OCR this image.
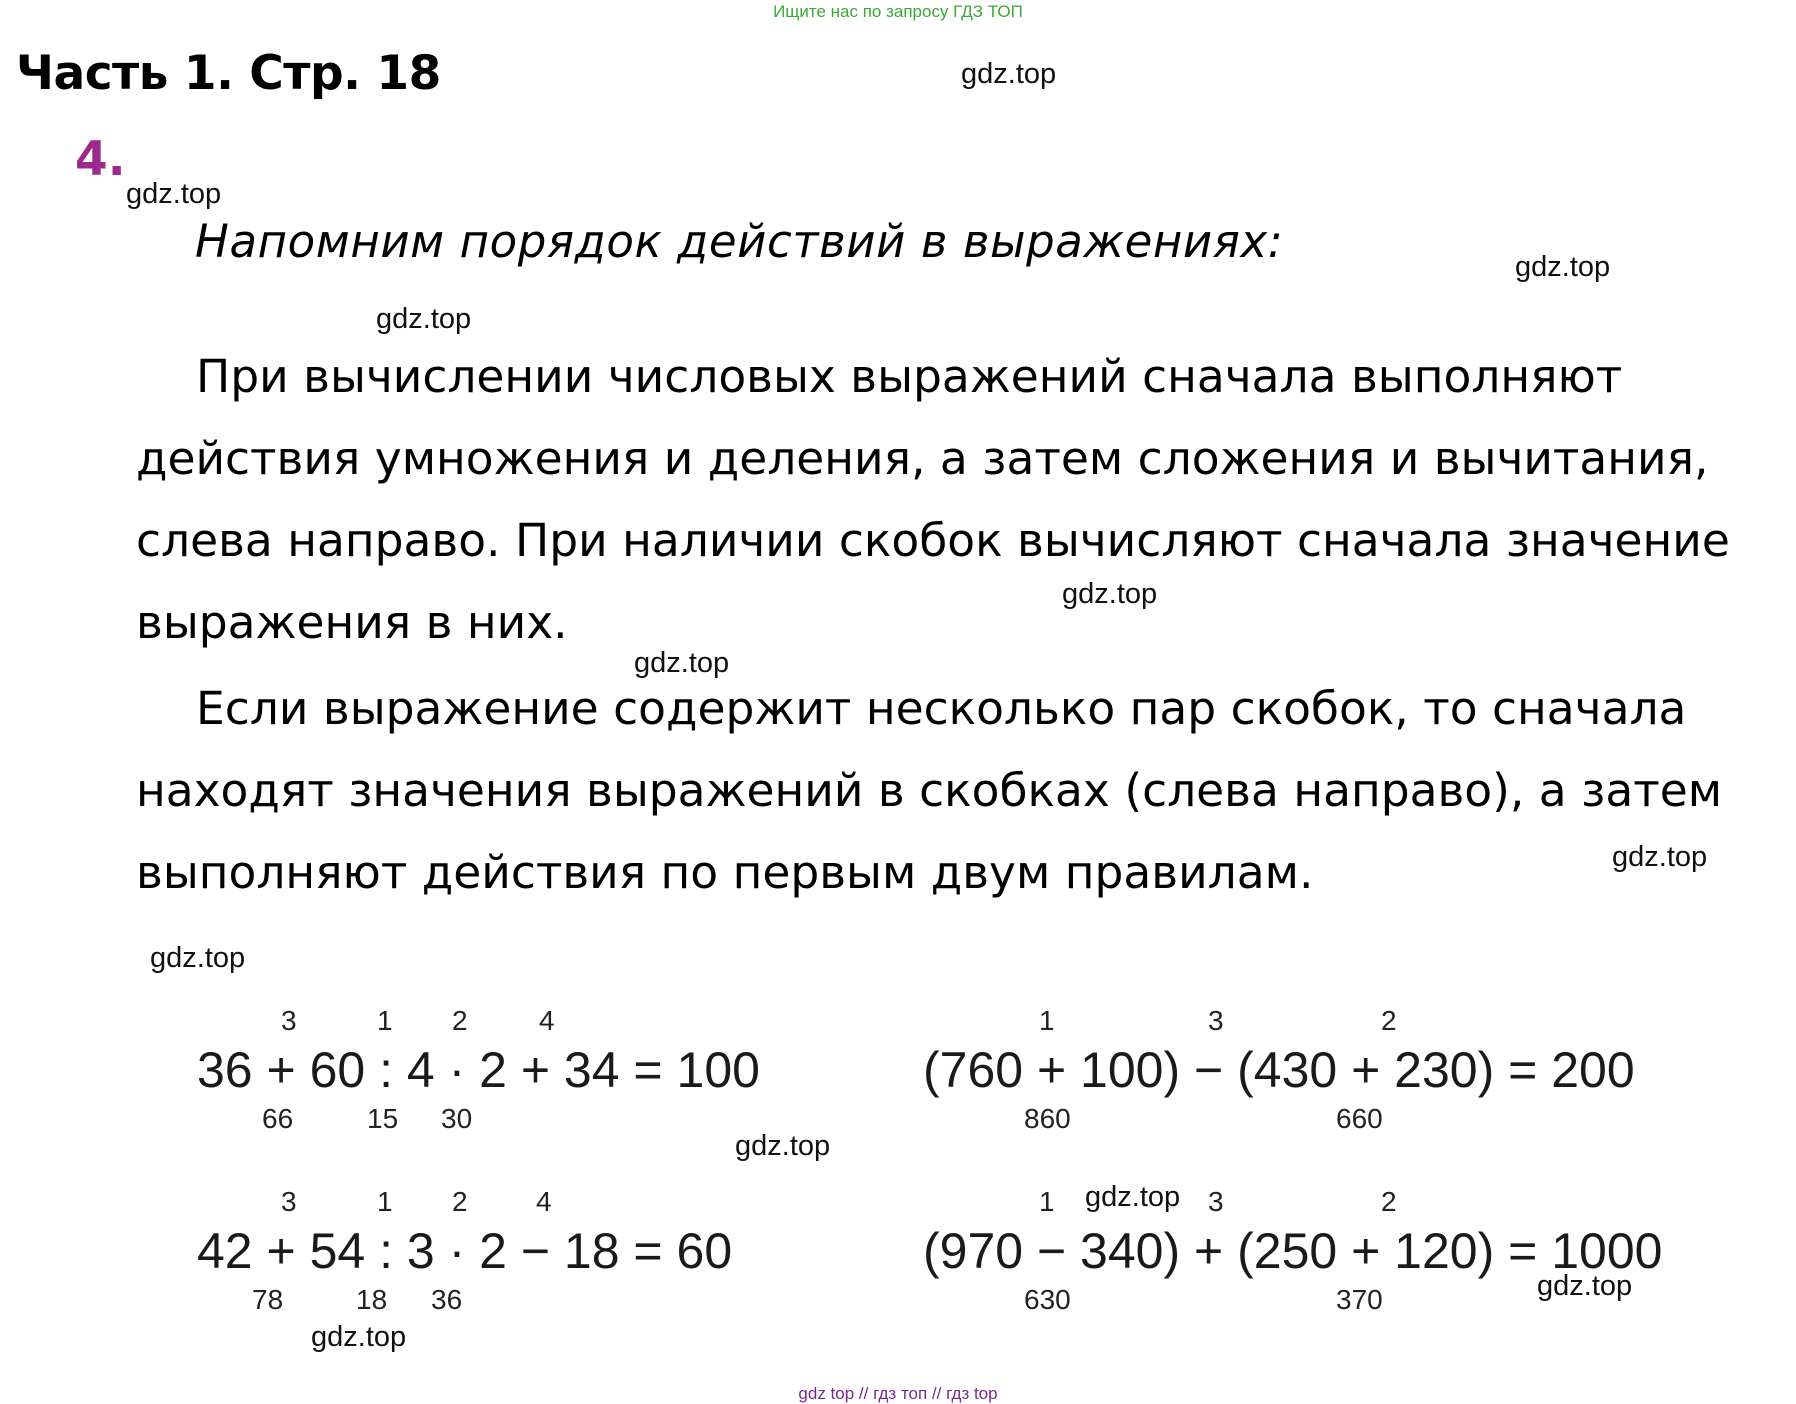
Ищите нас по запросу ГДЗ ТОП
Часть 1. Стр. 18
4.
Напомним порядок действий в выражениях:
При вычислении числовых выражений сначала выполняют
действия умножения и деления, а затем сложения и вычитания,
слева направо. При наличии скобок вычисляют сначала значение
выражения в них.
Если выражение содержит несколько пар скобок, то сначала
находят значения выражений в скобках (слева направо), а затем
выполняют действия по первым двум правилам.
3	1 2	4
36 + 60 : 4 · 2 + 34 = 100
66	15 30
1	3	2
(760 + 100) − (430 + 230) = 200
860	660
3	1 2 4
42 + 54 : 3 · 2 − 18 = 60
78	18 36
1	3	2
(970 − 340) + (250 + 120) = 1000
630	370
gdz.top
gdz.top
gdz.top
gdz.top
gdz.top
gdz.top
gdz.top
gdz.top
gdz.top
gdz.top
gdz.top
gdz.top
gdz top // гдз топ // гдз top
